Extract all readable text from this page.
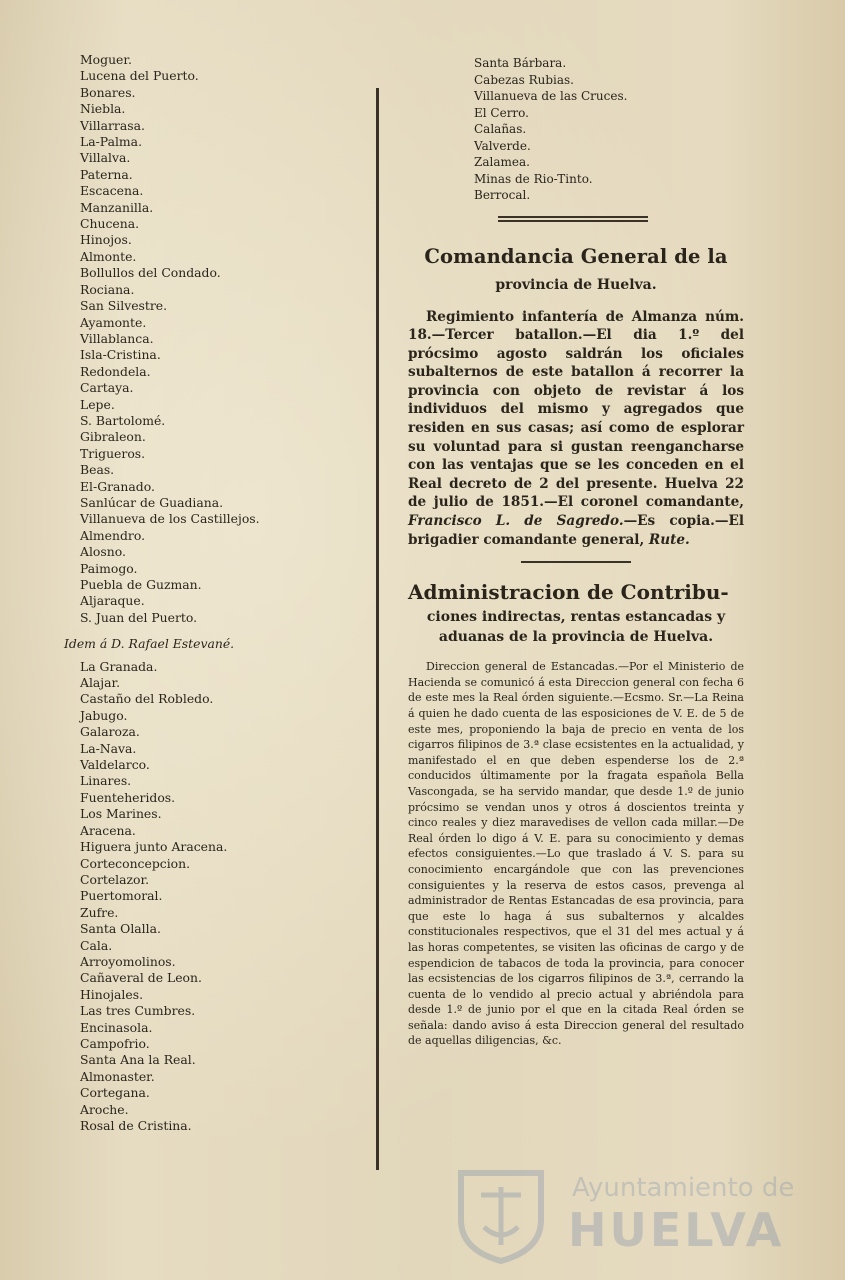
Moguer.
Lucena del Puerto.
Bonares.
Niebla.
Villarrasa.
La-Palma.
Villalva.
Paterna.
Escacena.
Manzanilla.
Chucena.
Hinojos.
Almonte.
Bollullos del Condado.
Rociana.
San Silvestre.
Ayamonte.
Villablanca.
Isla-Cristina.
Redondela.
Cartaya.
Lepe.
S. Bartolomé.
Gibraleon.
Trigueros.
Beas.
El-Granado.
Sanlúcar de Guadiana.
Villanueva de los Castillejos.
Almendro.
Alosno.
Paimogo.
Puebla de Guzman.
Aljaraque.
S. Juan del Puerto.
Idem á D. Rafael Estevané.
La Granada.
Alajar.
Castaño del Robledo.
Jabugo.
Galaroza.
La-Nava.
Valdelarco.
Linares.
Fuenteheridos.
Los Marines.
Aracena.
Higuera junto Aracena.
Corteconcepcion.
Cortelazor.
Puertomoral.
Zufre.
Santa Olalla.
Cala.
Arroyomolinos.
Cañaveral de Leon.
Hinojales.
Las tres Cumbres.
Encinasola.
Campofrio.
Santa Ana la Real.
Almonaster.
Cortegana.
Aroche.
Rosal de Cristina.
Santa Bárbara.
Cabezas Rubias.
Villanueva de las Cruces.
El Cerro.
Calañas.
Valverde.
Zalamea.
Minas de Rio-Tinto.
Berrocal.
Comandancia General de la
provincia de Huelva.
Regimiento infantería de Almanza núm. 18.—Tercer batallon.—El dia 1.º del prócsimo agosto saldrán los oficiales subalternos de este batallon á recorrer la provincia con objeto de revistar á los individuos del mismo y agregados que residen en sus casas; así como de esplorar su voluntad para si gustan reengancharse con las ventajas que se les conceden en el Real decreto de 2 del presente. Huelva 22 de julio de 1851.—El coronel comandante, Francisco L. de Sagredo.—Es copia.—El brigadier comandante general, Rute.
Administracion de Contribu-
ciones indirectas, rentas estancadas y aduanas de la provincia de Huelva.
Direccion general de Estancadas.—Por el Ministerio de Hacienda se comunicó á esta Direccion general con fecha 6 de este mes la Real órden siguiente.—Ecsmo. Sr.—La Reina á quien he dado cuenta de las esposiciones de V. E. de 5 de este mes, proponiendo la baja de precio en venta de los cigarros filipinos de 3.ª clase ecsistentes en la actualidad, y manifestado el en que deben espenderse los de 2.ª conducidos últimamente por la fragata española Bella Vascongada, se ha servido mandar, que desde 1.º de junio prócsimo se vendan unos y otros á doscientos treinta y cinco reales y diez maravedises de vellon cada millar.—De Real órden lo digo á V. E. para su conocimiento y demas efectos consiguientes.—Lo que traslado á V. S. para su conocimiento encargándole que con las prevenciones consiguientes y la reserva de estos casos, prevenga al administrador de Rentas Estancadas de esa provincia, para que este lo haga á sus subalternos y alcaldes constitucionales respectivos, que el 31 del mes actual y á las horas competentes, se visiten las oficinas de cargo y de espendicion de tabacos de toda la provincia, para conocer las ecsistencias de los cigarros filipinos de 3.ª, cerrando la cuenta de lo vendido al precio actual y abriéndola para desde 1.º de junio por el que en la citada Real órden se señala: dando aviso á esta Direccion general del resultado de aquellas diligencias, &c.
Ayuntamiento de
HUELVA
